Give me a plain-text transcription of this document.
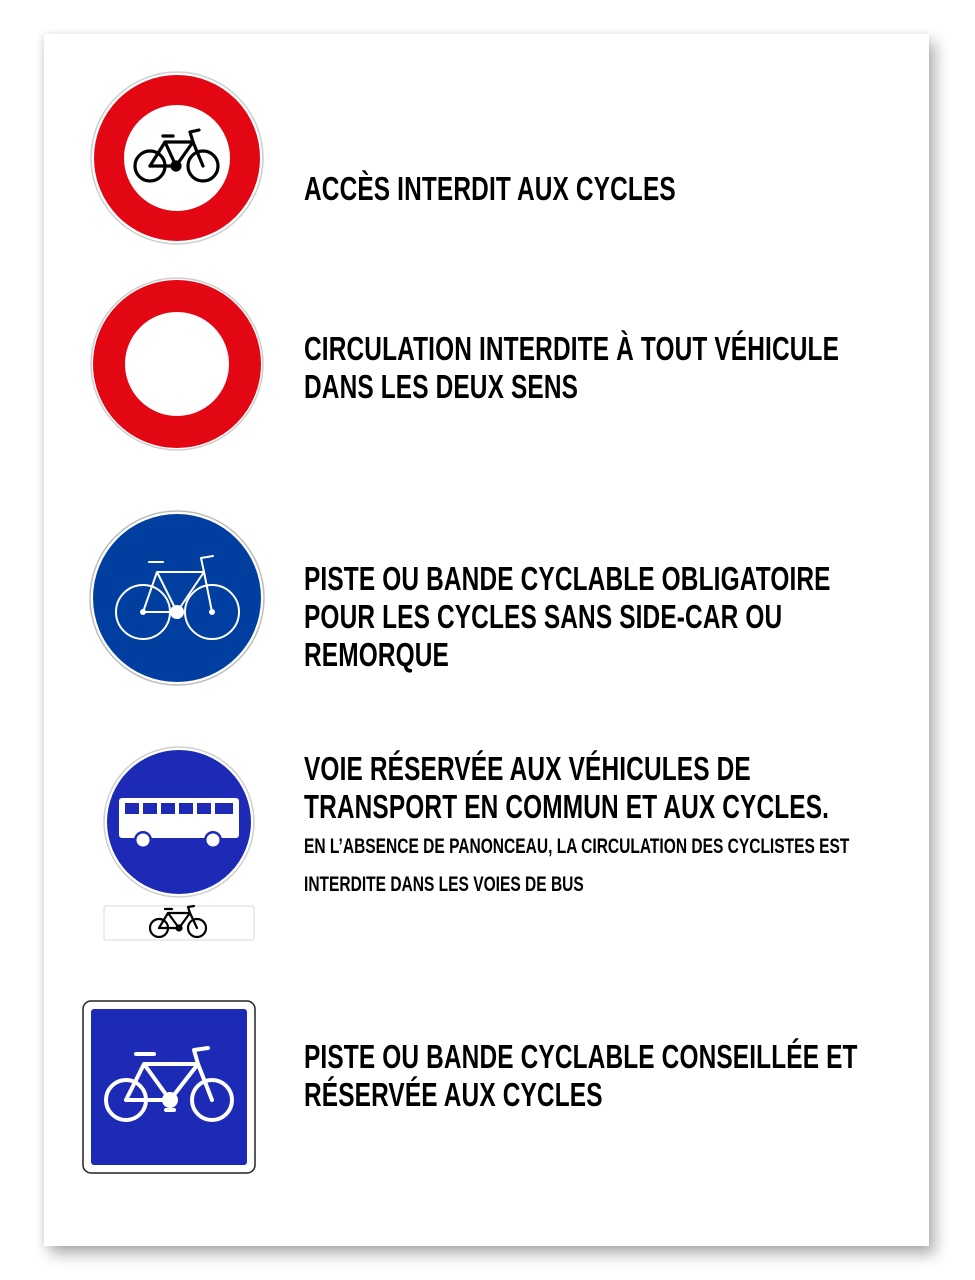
ACCÈS INTERDIT AUX CYCLES
CIRCULATION INTERDITE À TOUT VÉHICULE
DANS LES DEUX SENS
PISTE OU BANDE CYCLABLE OBLIGATOIRE
POUR LES CYCLES SANS SIDE-CAR OU
REMORQUE
VOIE RÉSERVÉE AUX VÉHICULES DE
TRANSPORT EN COMMUN ET AUX CYCLES.
EN L’ABSENCE DE PANONCEAU, LA CIRCULATION DES CYCLISTES EST
INTERDITE DANS LES VOIES DE BUS
PISTE OU BANDE CYCLABLE CONSEILLÉE ET
RÉSERVÉE AUX CYCLES
